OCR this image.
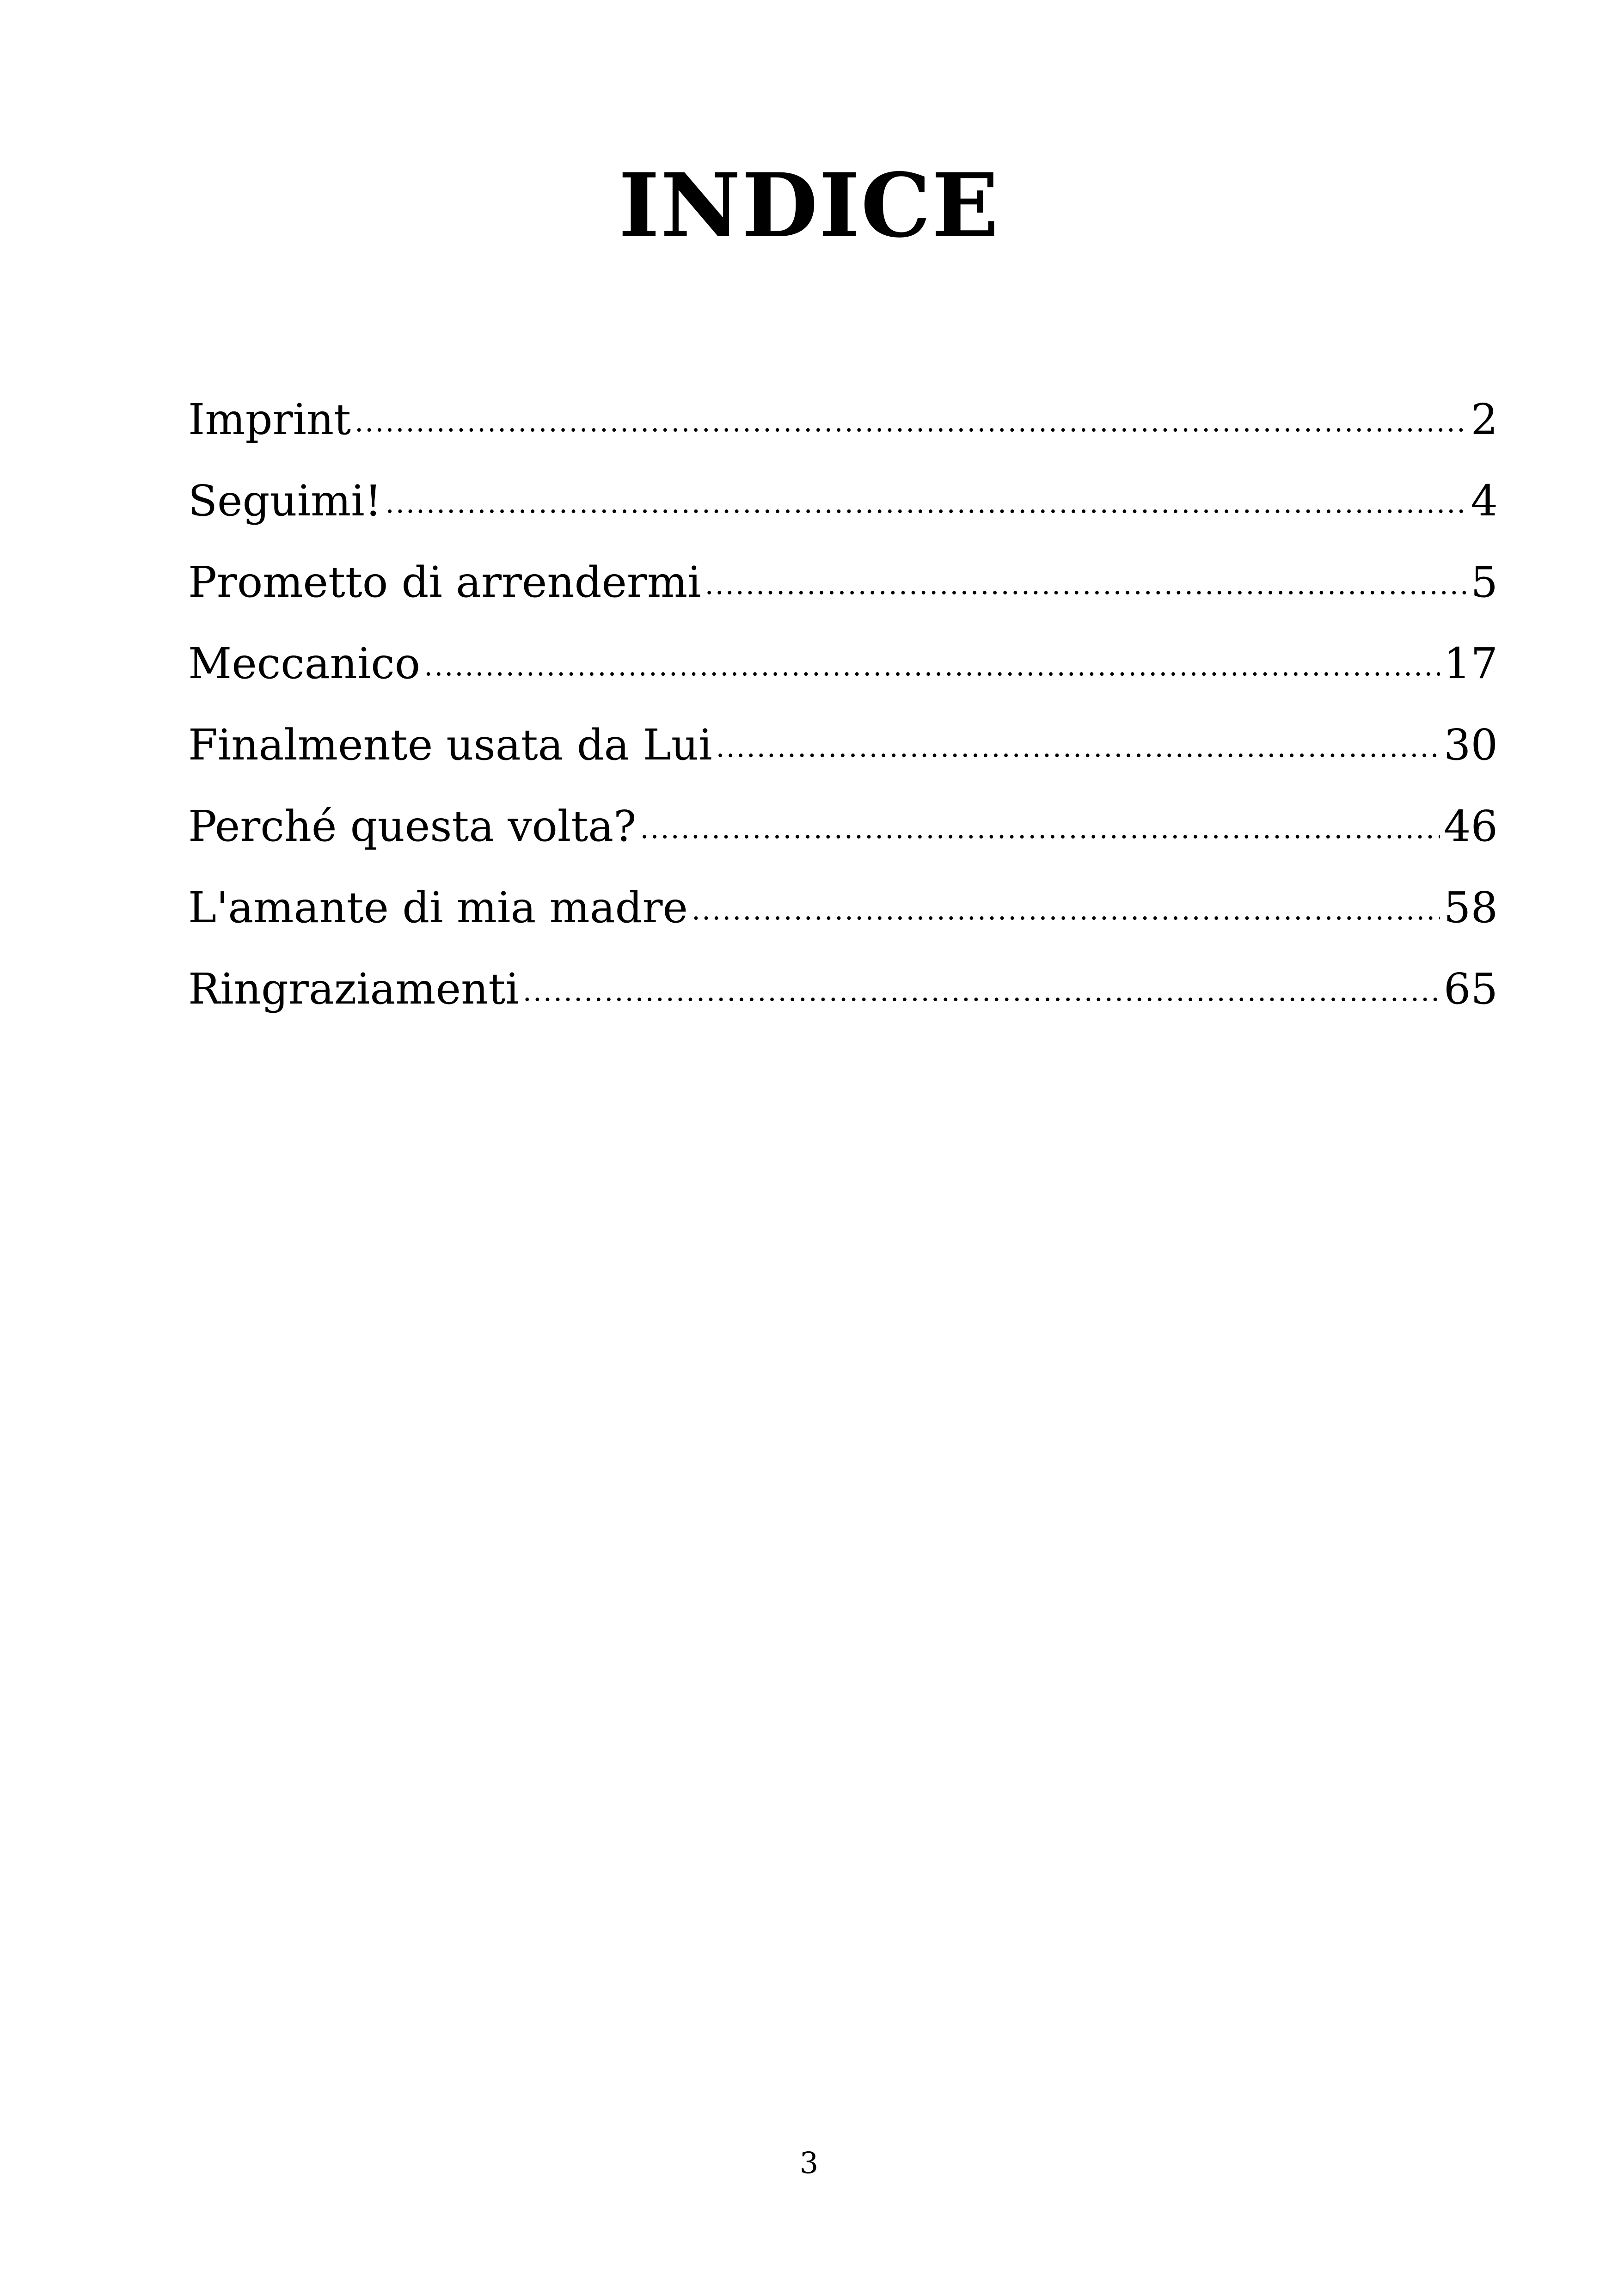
INDICE
Imprint .....	2
Seguimi! .....	4
Prometto di arrendermi .....	5
Meccanico .....	17
Finalmente usata da Lui .....	30
Perché questa volta? .....	46
L'amante di mia madre .....	58
Ringraziamenti .....	65
3
